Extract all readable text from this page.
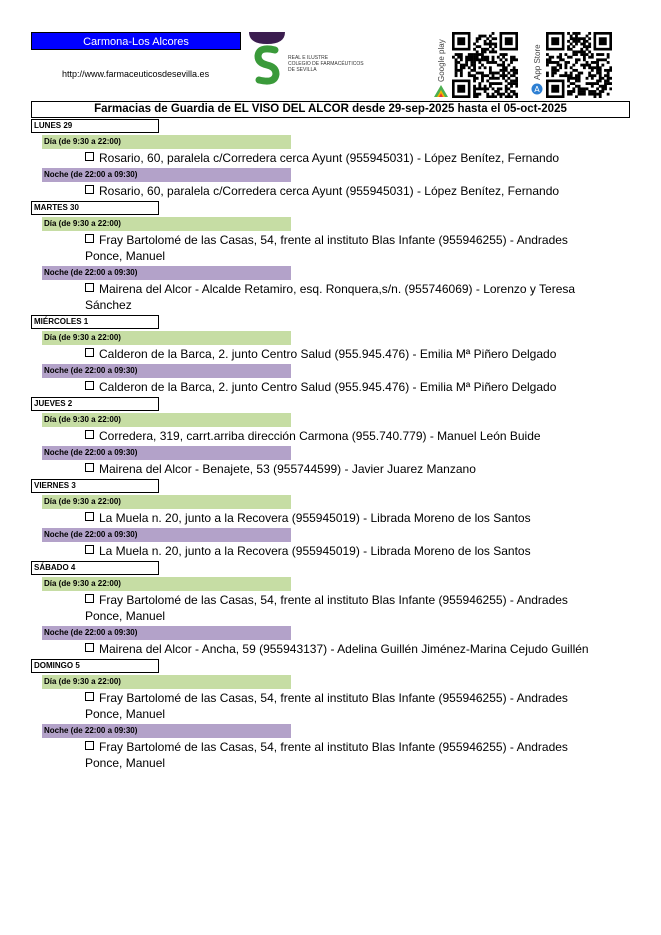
Carmona-Los Alcores
http://www.farmaceuticosdesevilla.es
REAL E ILUSTRE
COLEGIO DE FARMACÉUTICOS
DE SEVILLA	Google play	App Store
A
Farmacias de Guardia de EL VISO DEL ALCOR desde 29-sep-2025 hasta el 05-oct-2025
LUNES 29
Día (de 9:30 a 22:00)
Rosario, 60, paralela c/Corredera cerca Ayunt (955945031) - López Benítez, Fernando
Noche (de 22:00 a 09:30)
Rosario, 60, paralela c/Corredera cerca Ayunt (955945031) - López Benítez, Fernando
MARTES 30
Día (de 9:30 a 22:00)
Fray Bartolomé de las Casas, 54, frente al instituto Blas Infante (955946255) - Andrades Ponce, Manuel
Noche (de 22:00 a 09:30)
Mairena del Alcor - Alcalde Retamiro, esq. Ronquera,s/n. (955746069) - Lorenzo y Teresa Sánchez
MIÉRCOLES 1
Día (de 9:30 a 22:00)
Calderon de la Barca, 2. junto Centro Salud (955.945.476) - Emilia Mª Piñero Delgado
Noche (de 22:00 a 09:30)
Calderon de la Barca, 2. junto Centro Salud (955.945.476) - Emilia Mª Piñero Delgado
JUEVES 2
Día (de 9:30 a 22:00)
Corredera, 319, carrt.arriba dirección Carmona (955.740.779) - Manuel León Buide
Noche (de 22:00 a 09:30)
Mairena del Alcor - Benajete, 53 (955744599) - Javier Juarez Manzano
VIERNES 3
Día (de 9:30 a 22:00)
La Muela n. 20, junto a la Recovera (955945019) - Librada Moreno de los Santos
Noche (de 22:00 a 09:30)
La Muela n. 20, junto a la Recovera (955945019) - Librada Moreno de los Santos
SÁBADO 4
Día (de 9:30 a 22:00)
Fray Bartolomé de las Casas, 54, frente al instituto Blas Infante (955946255) - Andrades Ponce, Manuel
Noche (de 22:00 a 09:30)
Mairena del Alcor - Ancha, 59 (955943137) - Adelina Guillén Jiménez-Marina Cejudo Guillén
DOMINGO 5
Día (de 9:30 a 22:00)
Fray Bartolomé de las Casas, 54, frente al instituto Blas Infante (955946255) - Andrades Ponce, Manuel
Noche (de 22:00 a 09:30)
Fray Bartolomé de las Casas, 54, frente al instituto Blas Infante (955946255) - Andrades Ponce, Manuel
